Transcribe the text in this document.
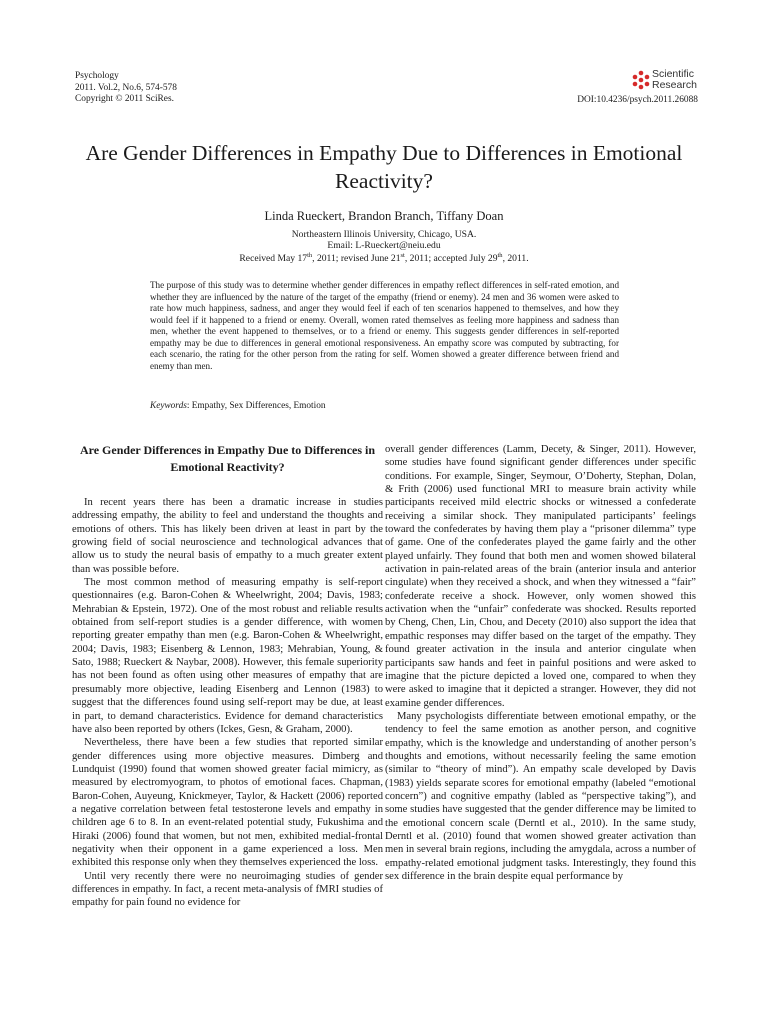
Psychology
2011. Vol.2, No.6, 574-578
Copyright © 2011 SciRes.
Scientific
Research
DOI:10.4236/psych.2011.26088
Are Gender Differences in Empathy Due to Differences in Emotional Reactivity?
Linda Rueckert, Brandon Branch, Tiffany Doan
Northeastern Illinois University, Chicago, USA.
Email: L-Rueckert@neiu.edu
Received May 17th, 2011; revised June 21st, 2011; accepted July 29th, 2011.
The purpose of this study was to determine whether gender differences in empathy reflect differences in self-rated emotion, and whether they are influenced by the nature of the target of the empathy (friend or enemy). 24 men and 36 women were asked to rate how much happiness, sadness, and anger they would feel if each of ten scenarios happened to themselves, and how they would feel if it happened to a friend or enemy. Overall, women rated themselves as feeling more happiness and sadness than men, whether the event happened to themselves, or to a friend or enemy. This suggests gender differences in self-reported empathy may be due to differences in general emotional responsiveness. An empathy score was computed by subtracting, for each scenario, the rating for the other person from the rating for self. Women showed a greater difference between friend and enemy than men.
Keywords: Empathy, Sex Differences, Emotion
Are Gender Differences in Empathy Due to Differences in Emotional Reactivity?

In recent years there has been a dramatic increase in studies addressing empathy, the ability to feel and understand the thoughts and emotions of others. This has likely been driven at least in part by the growing field of social neuroscience and technological advances that allow us to study the neural basis of empathy to a much greater extent than was possible before.

The most common method of measuring empathy is self-report questionnaires (e.g. Baron-Cohen & Wheelwright, 2004; Davis, 1983; Mehrabian & Epstein, 1972). One of the most robust and reliable results obtained from self-report studies is a gender difference, with women reporting greater empathy than men (e.g. Baron-Cohen & Wheelwright, 2004; Davis, 1983; Eisenberg & Lennon, 1983; Mehrabian, Young, & Sato, 1988; Rueckert & Naybar, 2008). However, this female superiority has not been found as often using other measures of empathy that are presumably more objective, leading Eisenberg and Lennon (1983) to suggest that the differences found using self-report may be due, at least in part, to demand characteristics. Evidence for demand characteristics have also been reported by others (Ickes, Gesn, & Graham, 2000).

Nevertheless, there have been a few studies that reported similar gender differences using more objective measures. Dimberg and Lundquist (1990) found that women showed greater facial mimicry, as measured by electromyogram, to photos of emotional faces. Chapman, Baron-Cohen, Auyeung, Knickmeyer, Taylor, & Hackett (2006) reported a negative correlation between fetal testosterone levels and empathy in children age 6 to 8. In an event-related potential study, Fukushima and Hiraki (2006) found that women, but not men, exhibited medial-frontal negativity when their opponent in a game experienced a loss. Men exhibited this response only when they themselves experienced the loss.

Until very recently there were no neuroimaging studies of gender differences in empathy. In fact, a recent meta-analysis of fMRI studies of empathy for pain found no evidence for

overall gender differences (Lamm, Decety, & Singer, 2011). However, some studies have found significant gender differences under specific conditions. For example, Singer, Seymour, O’Doherty, Stephan, Dolan, & Frith (2006) used functional MRI to measure brain activity while participants received mild electric shocks or witnessed a confederate receiving a similar shock. They manipulated participants’ feelings toward the confederates by having them play a “prisoner dilemma” type of game. One of the confederates played the game fairly and the other played unfairly. They found that both men and women showed bilateral activation in pain-related areas of the brain (anterior insula and anterior cingulate) when they received a shock, and when they witnessed a “fair” confederate receive a shock. However, only women showed this activation when the “unfair” confederate was shocked. Results reported by Cheng, Chen, Lin, Chou, and Decety (2010) also support the idea that empathic responses may differ based on the target of the empathy. They found greater activation in the insula and anterior cingulate when participants saw hands and feet in painful positions and were asked to imagine that the picture depicted a loved one, compared to when they were asked to imagine that it depicted a stranger. However, they did not examine gender differences.

Many psychologists differentiate between emotional empathy, or the tendency to feel the same emotion as another person, and cognitive empathy, which is the knowledge and understanding of another person’s thoughts and emotions, without necessarily feeling the same emotion (similar to “theory of mind”). An empathy scale developed by Davis (1983) yields separate scores for emotional empathy (labeled “emotional concern”) and cognitive empathy (labled as “perspective taking”), and some studies have suggested that the gender difference may be limited to the emotional concern scale (Derntl et al., 2010). In the same study, Derntl et al. (2010) found that women showed greater activation than men in several brain regions, including the amygdala, across a number of empathy-related emotional judgment tasks. Interestingly, they found this sex difference in the brain despite equal performance by
